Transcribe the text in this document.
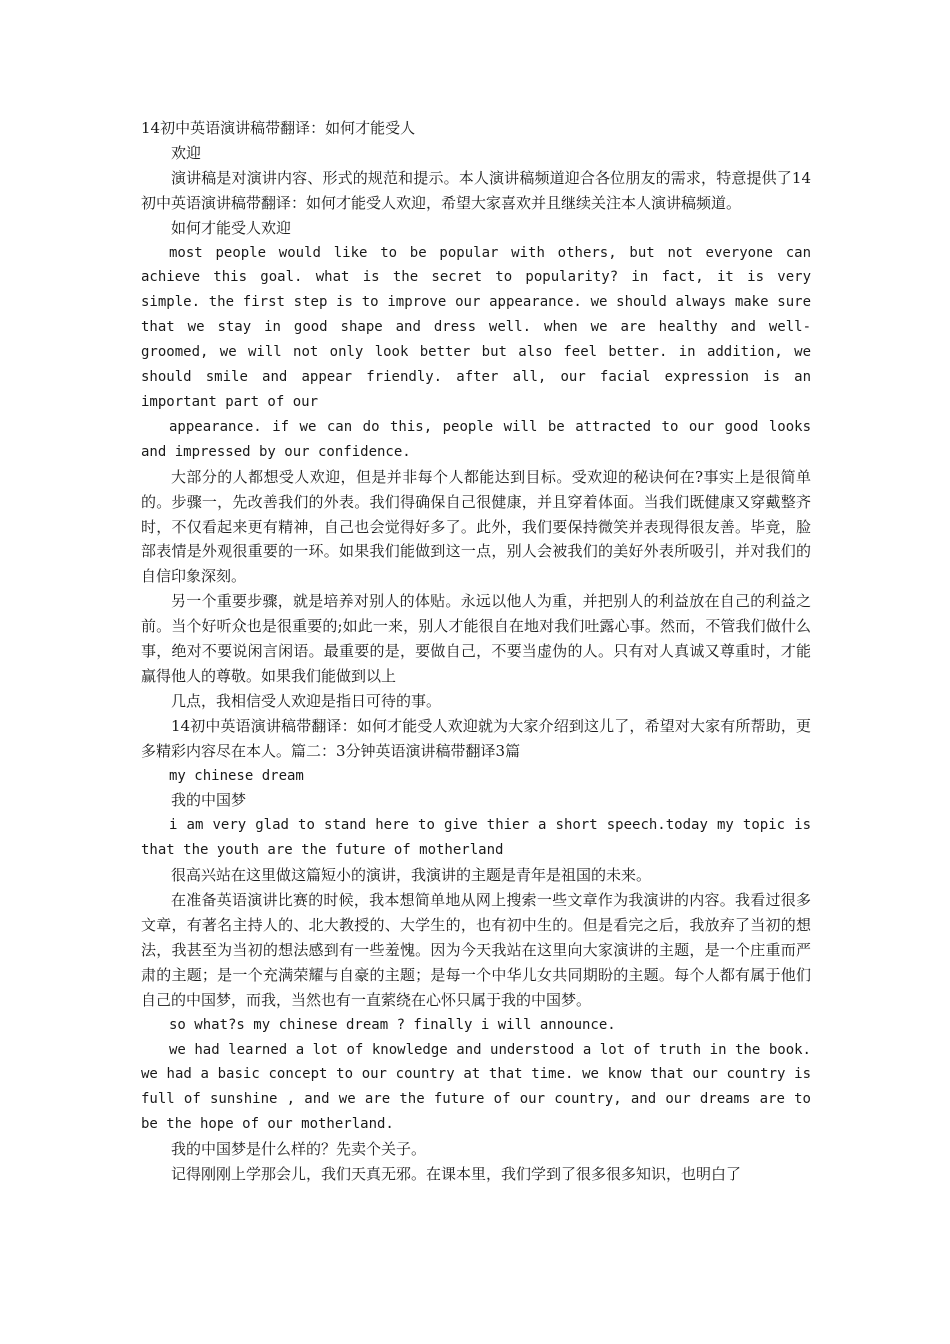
14初中英语演讲稿带翻译：如何才能受人

欢迎

演讲稿是对演讲内容、形式的规范和提示。本人演讲稿频道迎合各位朋友的需求，特意提供了14初中英语演讲稿带翻译：如何才能受人欢迎，希望大家喜欢并且继续关注本人演讲稿频道。

如何才能受人欢迎

most people would like to be popular with others, but not everyone can achieve this goal. what is the secret to popularity? in fact, it is very simple. the first step is to improve our appearance. we should always make sure that we stay in good shape and dress well. when we are healthy and well-groomed, we will not only look better but also feel better. in addition, we should smile and appear friendly. after all, our facial expression is an important part of our

appearance. if we can do this, people will be attracted to our good looks and impressed by our confidence.

大部分的人都想受人欢迎，但是并非每个人都能达到目标。受欢迎的秘诀何在?事实上是很简单的。步骤一，先改善我们的外表。我们得确保自己很健康，并且穿着体面。当我们既健康又穿戴整齐时，不仅看起来更有精神，自己也会觉得好多了。此外，我们要保持微笑并表现得很友善。毕竟，脸部表情是外观很重要的一环。如果我们能做到这一点，别人会被我们的美好外表所吸引，并对我们的自信印象深刻。

另一个重要步骤，就是培养对别人的体贴。永远以他人为重，并把别人的利益放在自己的利益之前。当个好听众也是很重要的;如此一来，别人才能很自在地对我们吐露心事。然而，不管我们做什么事，绝对不要说闲言闲语。最重要的是，要做自己，不要当虚伪的人。只有对人真诚又尊重时，才能赢得他人的尊敬。如果我们能做到以上

几点，我相信受人欢迎是指日可待的事。

14初中英语演讲稿带翻译：如何才能受人欢迎就为大家介绍到这儿了，希望对大家有所帮助，更多精彩内容尽在本人。篇二：3分钟英语演讲稿带翻译3篇

my chinese dream

我的中国梦

i am very glad to stand here to give thier a short speech.today my topic is that the youth are the future of motherland

很高兴站在这里做这篇短小的演讲，我演讲的主题是青年是祖国的未来。

在准备英语演讲比赛的时候，我本想简单地从网上搜索一些文章作为我演讲的内容。我看过很多文章，有著名主持人的、北大教授的、大学生的，也有初中生的。但是看完之后，我放弃了当初的想法，我甚至为当初的想法感到有一些羞愧。因为今天我站在这里向大家演讲的主题，是一个庄重而严肃的主题；是一个充满荣耀与自豪的主题；是每一个中华儿女共同期盼的主题。每个人都有属于他们自己的中国梦，而我，当然也有一直萦绕在心怀只属于我的中国梦。

so what?s my chinese dream ? finally i will announce.

we had learned a lot of knowledge and understood a lot of truth in the book. we had a basic concept to our country at that time. we know that our country is full of sunshine , and we are the future of our country, and our dreams are to be the hope of our motherland.

我的中国梦是什么样的？先卖个关子。

记得刚刚上学那会儿，我们天真无邪。在课本里，我们学到了很多很多知识，也明白了
